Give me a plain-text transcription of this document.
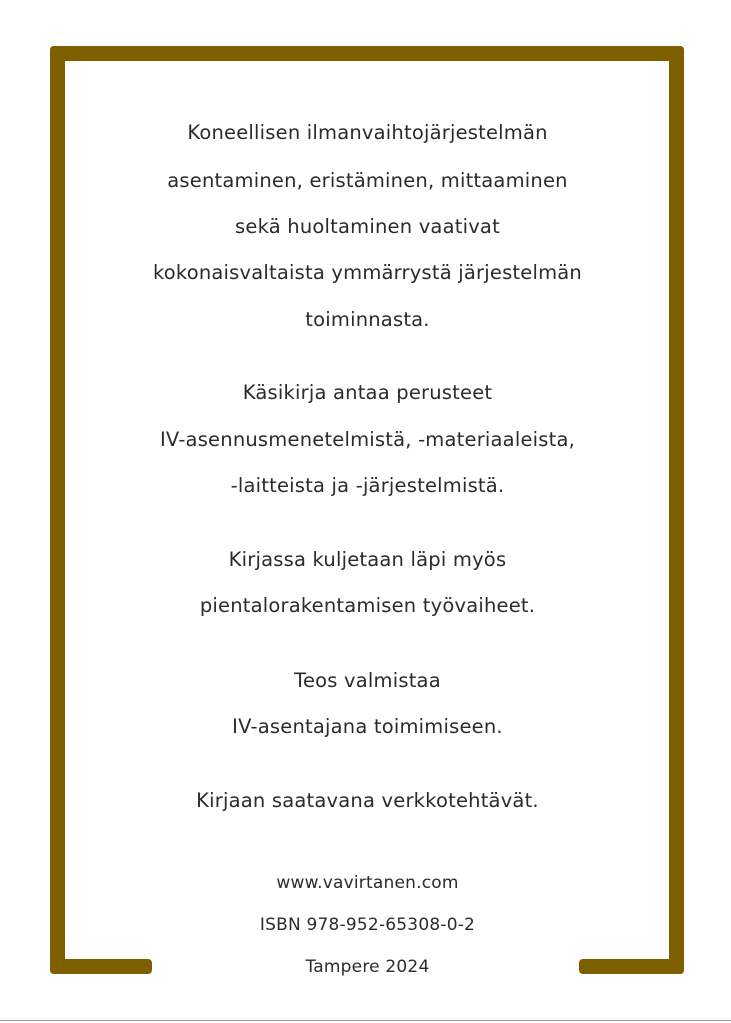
Koneellisen ilmanvaihtojärjestelmän
asentaminen, eristäminen, mittaaminen
sekä huoltaminen vaativat
kokonaisvaltaista ymmärrystä järjestelmän
toiminnasta.
Käsikirja antaa perusteet
IV-asennusmenetelmistä, -materiaaleista,
-laitteista ja -järjestelmistä.
Kirjassa kuljetaan läpi myös
pientalorakentamisen työvaiheet.
Teos valmistaa
IV-asentajana toimimiseen.
Kirjaan saatavana verkkotehtävät.
www.vavirtanen.com
ISBN 978-952-65308-0-2
Tampere 2024
